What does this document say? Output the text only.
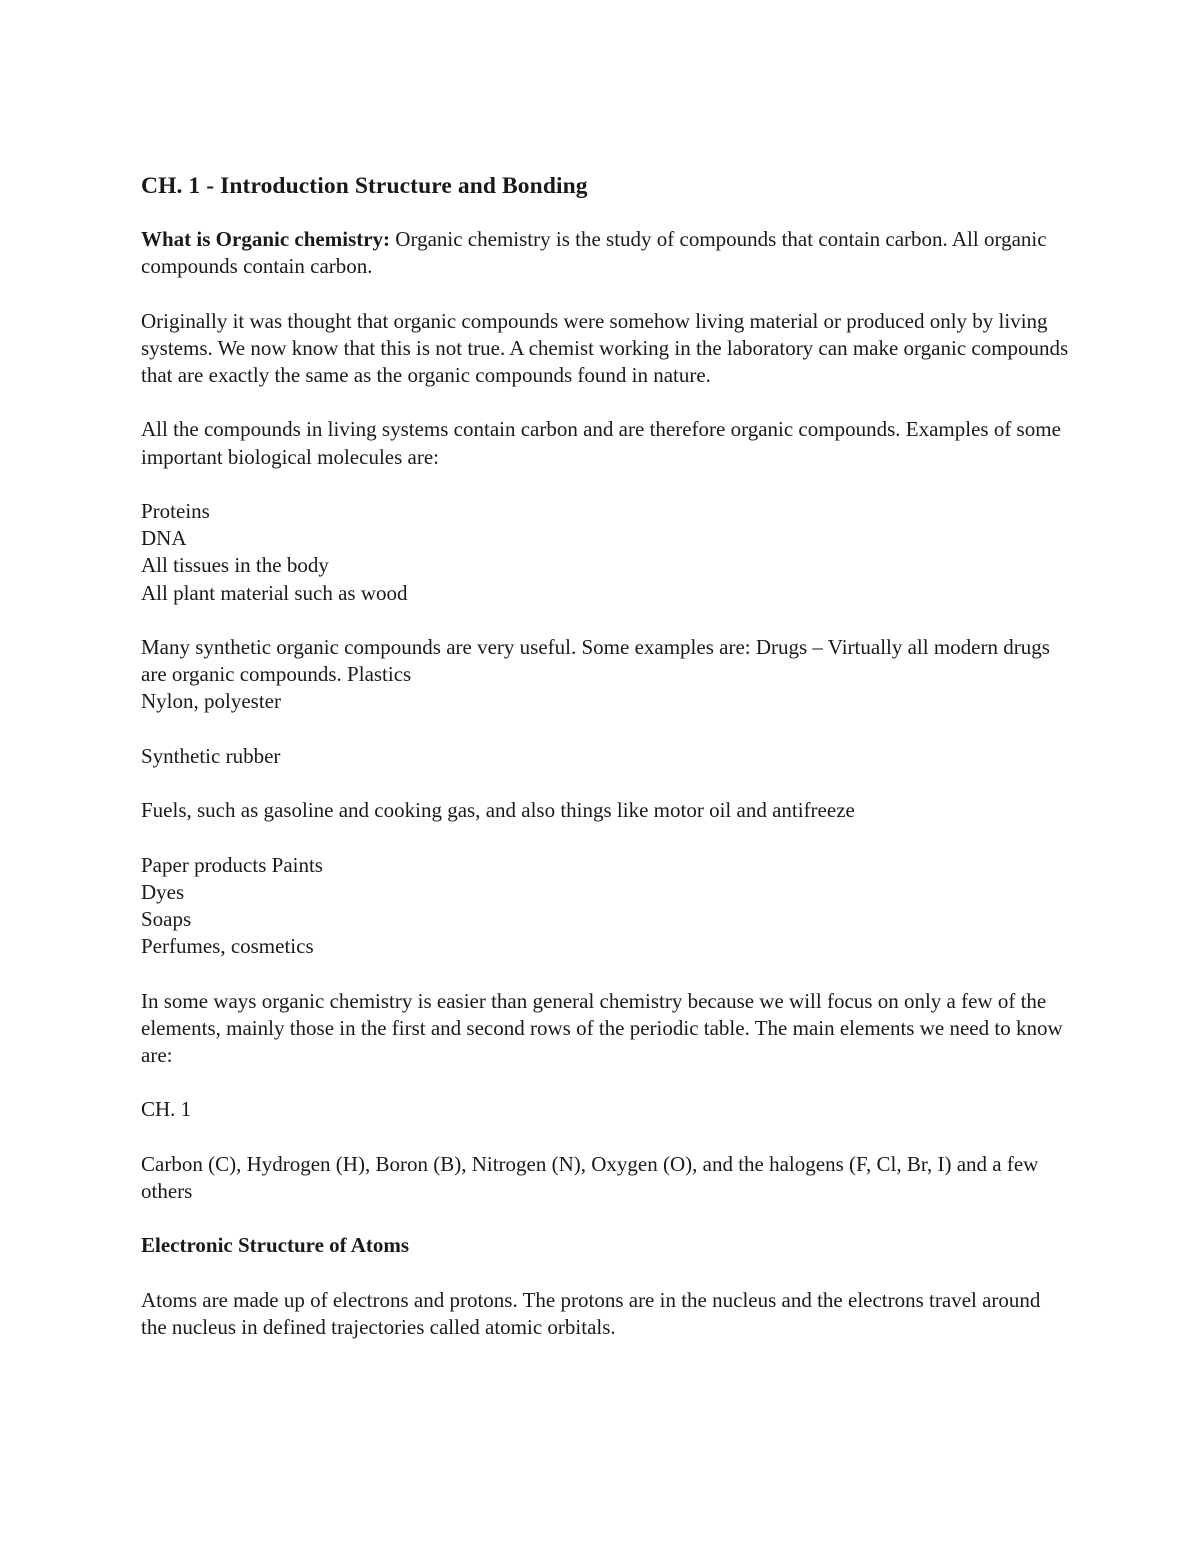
CH. 1 - Introduction Structure and Bonding

What is Organic chemistry: Organic chemistry is the study of compounds that contain carbon. All organic compounds contain carbon.

Originally it was thought that organic compounds were somehow living material or produced only by living systems. We now know that this is not true. A chemist working in the laboratory can make organic compounds that are exactly the same as the organic compounds found in nature.

All the compounds in living systems contain carbon and are therefore organic compounds. Examples of some important biological molecules are:

Proteins
DNA
All tissues in the body
All plant material such as wood
Many synthetic organic compounds are very useful. Some examples are: Drugs – Virtually all modern drugs are organic compounds. Plastics
Nylon, polyester

Synthetic rubber

Fuels, such as gasoline and cooking gas, and also things like motor oil and antifreeze

Paper products Paints
Dyes
Soaps
Perfumes, cosmetics

In some ways organic chemistry is easier than general chemistry because we will focus on only a few of the elements, mainly those in the first and second rows of the periodic table. The main elements we need to know are:

CH. 1

Carbon (C), Hydrogen (H), Boron (B), Nitrogen (N), Oxygen (O), and the halogens (F, Cl, Br, I) and a few others

Electronic Structure of Atoms

Atoms are made up of electrons and protons. The protons are in the nucleus and the electrons travel around the nucleus in defined trajectories called atomic orbitals.
